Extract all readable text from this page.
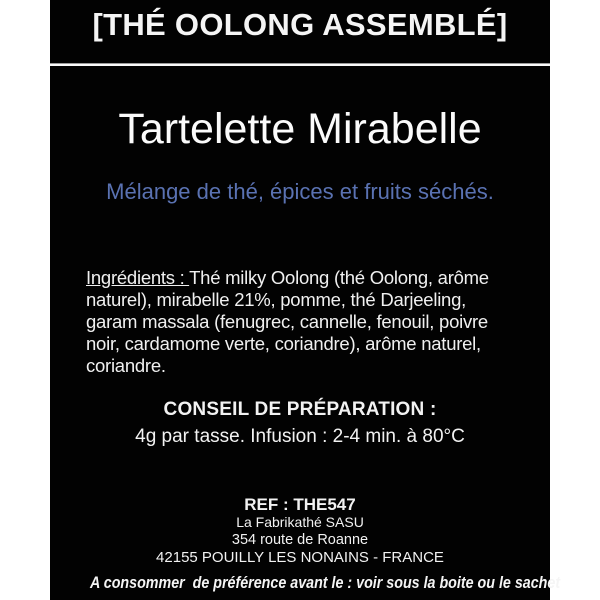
[THÉ OOLONG ASSEMBLÉ]
Tartelette Mirabelle
Mélange de thé, épices et fruits séchés.
Ingrédients : Thé milky Oolong (thé Oolong, arôme
naturel), mirabelle 21%, pomme, thé Darjeeling,
garam massala (fenugrec, cannelle, fenouil, poivre
noir, cardamome verte, coriandre), arôme naturel,
coriandre.
CONSEIL DE PRÉPARATION :
4g par tasse. Infusion : 2-4 min. à 80°C
REF : THE547
La Fabrikathé SASU
354 route de Roanne
42155 POUILLY LES NONAINS - FRANCE
A consommer  de préférence avant le : voir sous la boite ou le sachet
